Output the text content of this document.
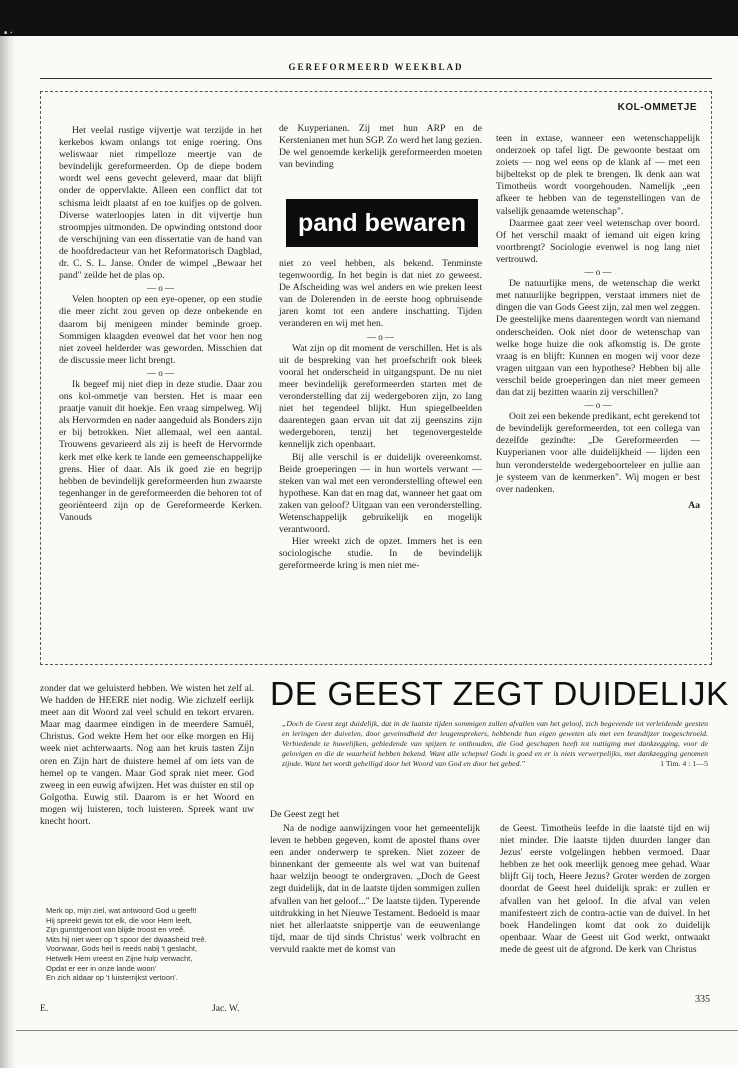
■ ▪
GEREFORMEERD WEEKBLAD
KOL-OMMETJE

Het veelal rustige vijvertje wat terzijde in het kerkebos kwam onlangs tot enige roering. Ons weliswaar niet rimpelloze meertje van de bevindelijk gereformeerden. Op de diepe bodem wordt wel eens gevecht geleverd, maar dat blijft onder de oppervlakte. Alleen een conflict dat tot schisma leidt plaatst af en toe kuifjes op de golven. Diverse waterloopjes laten in dit vijvertje hun stroompjes uitmonden. De opwinding ontstond door de verschijning van een dissertatie van de hand van de hoofdredacteur van het Reformatorisch Dagblad, dr. C. S. L. Janse. Onder de wimpel „Bewaar het pand" zeilde het de plas op.

— o —

Velen hoopten op een eye-opener, op een studie die meer zicht zou geven op deze onbekende en daarom bij menigeen minder beminde groep. Sommigen klaagden evenwel dat het voor hen nog niet zoveel helderder was geworden. Misschien dat de discussie meer licht brengt.

— o —

Ik begeef mij niet diep in deze studie. Daar zou ons kol-ommetje van bersten. Het is maar een praatje vanuit dit hoekje. Een vraag simpelweg. Wij als Hervormden en nader aangeduid als Bonders zijn er bij betrokken. Niet allemaal, wel een aantal. Trouwens gevarieerd als zij is heeft de Hervormde kerk met elke kerk te lande een gemeenschappelijke grens. Hier of daar. Als ik goed zie en begrijp hebben de bevindelijk gereformeerden hun zwaarste tegenhanger in de gereformeerden die behoren tot of georiënteerd zijn op de Gereformeerde Kerken. Vanouds

de Kuyperianen. Zij met hun ARP en de Kerstenianen met hun SGP. Zo werd het lang gezien. De wel genoemde kerkelijk gereformeerden moeten van bevinding

pand bewaren

niet zo veel hebben, als bekend. Tenminste tegenwoordig. In het begin is dat niet zo geweest. De Afscheiding was wel anders en wie preken leest van de Dolerenden in de eerste hoog opbruisende jaren komt tot een andere inschatting. Tijden veranderen en wij met hen.

— o —

Wat zijn op dit moment de verschillen. Het is als uit de bespreking van het proefschrift ook bleek vooral het onderscheid in uitgangspunt. De nu niet meer bevindelijk gereformeerden starten met de veronderstelling dat zij wedergeboren zijn, zo lang niet het tegendeel blijkt. Hun spiegelbeelden daarentegen gaan ervan uit dat zij geenszins zijn wedergeboren, tenzij het tegenovergestelde kennelijk zich openbaart.

Bij alle verschil is er duidelijk overeenkomst. Beide groeperingen — in hun wortels verwant — steken van wal met een veronderstelling oftewel een hypothese. Kan dat en mag dat, wanneer het gaat om zaken van geloof? Uitgaan van een veronderstelling. Wetenschappelijk gebruikelijk en mogelijk verantwoord.

Hier wreekt zich de opzet. Immers het is een sociologische studie. In de bevindelijk gereformeerde kring is men niet me-

teen in extase, wanneer een wetenschappelijk onderzoek op tafel ligt. De gewoonte bestaat om zoiets — nog wel eens op de klank af — met een bijbeltekst op de plek te brengen. Ik denk aan wat Timotheüs wordt voorgehouden. Namelijk „een afkeer te hebben van de tegenstellingen van de valselijk genaamde wetenschap".

Daarmee gaat zeer veel wetenschap over boord. Of het verschil maakt of iemand uit eigen kring voortbrengt? Sociologie evenwel is nog lang niet vertrouwd.

— o —

De natuurlijke mens, de wetenschap die werkt met natuurlijke begrippen, verstaat immers niet de dingen die van Gods Geest zijn, zal men wel zeggen. De geestelijke mens daarentegen wordt van niemand onderscheiden. Ook niet door de wetenschap van welke hoge huize die ook afkomstig is. De grote vraag is en blijft: Kunnen en mogen wij voor deze vragen uitgaan van een hypothese? Hebben bij alle verschil beide groeperingen dan niet meer gemeen dan dat zij bezitten waarin zij verschillen?

— o —

Ooit zei een bekende predikant, echt gerekend tot de bevindelijk gereformeerden, tot een collega van dezelfde gezindte: „De Gereformeerden — Kuyperianen voor alle duidelijkheid — lijden een hun veronderstelde wedergeboorteleer en jullie aan je systeem van de kenmerken". Wij mogen er best over nadenken.

Aa

zonder dat we geluisterd hebben. We wisten het zelf al. We hadden de HEERE niet nodig. Wie zichzelf eerlijk meet aan dit Woord zal veel schuld en tekort ervaren. Maar mag daarmee eindigen in de meerdere Samuël, Christus. God wekte Hem het oor elke morgen en Hij week niet achterwaarts. Nog aan het kruis tasten Zijn oren en Zijn hart de duistere hemel af om iets van de hemel op te vangen. Maar God sprak niet meer. God zweeg in een euwig afwijzen. Het was duister en stil op Golgotha. Euwig stil. Daarom is er het Woord en mogen wij luisteren, toch luisteren. Spreek want uw knecht hoort.

Merk op, mijn ziel, wat antwoord God u geeft!
Hij spreekt gewis tot elk, die voor Hem leeft,
Zijn gunstgenoot van blijde troost en vreê.
Mits hij niet weer op 't spoor der dwaasheid treê.
Voorwaar, Gods heil is reeds nabij 't geslacht,
Hetwelk Hem vreest en Zijne hulp verwacht,
Opdat er eer in onze lande woon'
En zich aldaar op 't luisterrijkst vertoon'.
E.	Jac. W.
DE GEEST ZEGT DUIDELIJK
„Doch de Geest zegt duidelijk, dat in de laatste tijden sommigen zullen afvallen van het geloof, zich begevende tot verleidende geesten en leringen der duivelen, door geveinsdheid der leugensprekers, hebbende hun eigen geweten als met een brandijzer toegeschroeid. Verbiedende te huwelijken, gebiedende van spijzen te onthouden, die God geschapen heeft tot nuttiging met dankzegging, voor de gelovigen en die de waarheid hebben bekend. Want alle schepsel Gods is goed en er is niets verwerpelijks, met dankzegging genomen zijnde. Want het wordt geheiligd door het Woord van God en door het gebed."	1 Tim. 4 : 1—5
De Geest zegt het

Na de nodige aanwijzingen voor het gemeentelijk leven te hebben gegeven, komt de apostel thans over een ander onderwerp te spreken. Niet zozeer de binnenkant der gemeente als wel wat van buitenaf haar welzijn beoogt te ondergraven. „Doch de Geest zegt duidelijk, dat in de laatste tijden sommigen zullen afvallen van het geloof..." De laatste tijden. Typerende uitdrukking in het Nieuwe Testament. Bedoeld is maar niet het allerlaatste snippertje van de eeuwenlange tijd, maar de tijd sinds Christus' werk volbracht en vervuld raakte met de komst van

de Geest. Timotheüs leefde in die laatste tijd en wij niet minder. Die laatste tijden duurden langer dan Jezus' eerste volgelingen hebben vermoed. Daar hebben ze het ook meerlijk genoeg mee gehad. Waar blijft Gij toch, Heere Jezus? Groter werden de zorgen doordat de Geest heel duidelijk sprak: er zullen er afvallen van het geloof. In die afval van velen manifesteert zich de contra-actie van de duivel. In het boek Handelingen komt dat ook zo duidelijk openbaar. Waar de Geest uit God werkt, ontwaakt mede de geest uit de afgrond. De kerk van Christus

335
